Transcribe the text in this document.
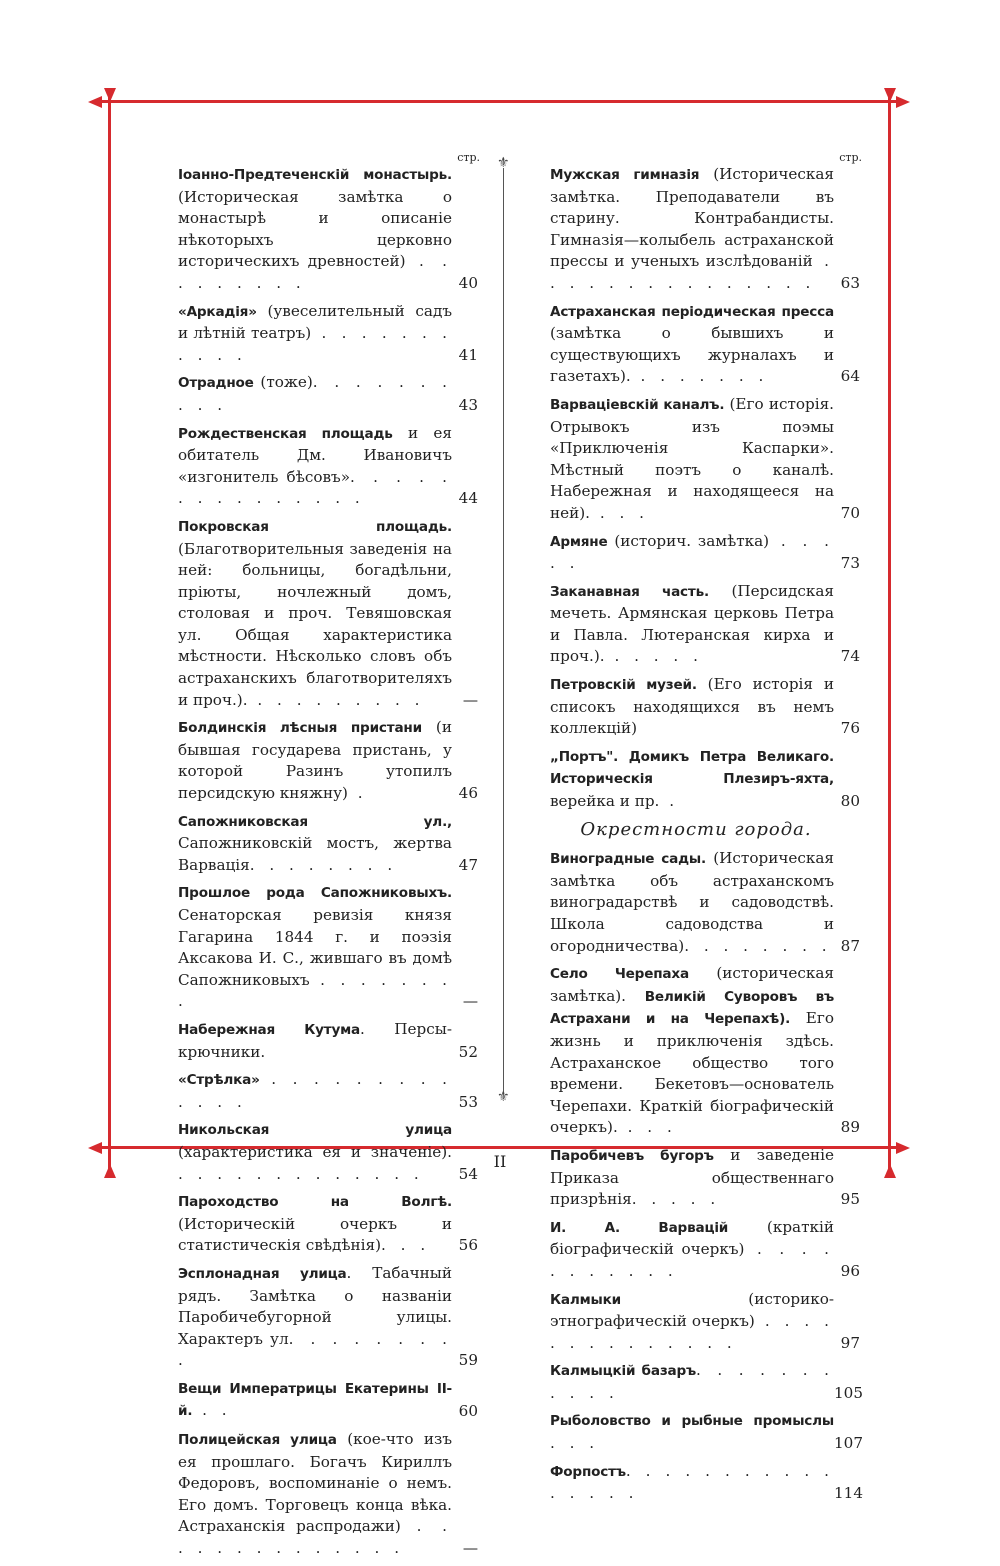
⚜
⚜
стр.
Іоанно-Предтеченскій монастырь. (Историческая замѣтка о монастырѣ и описаніе нѣкоторыхъ церковно историческихъ древностей) . . . . . . . . .	40
«Аркадія» (увеселительный садъ и лѣтній театръ) . . . . . . . . . . .	41
Отрадное (тоже). . . . . . . . . .	43
Рождественская площадь и ея обитатель Дм. Ивановичъ «изгонитель бѣсовъ». . . . . . . . . . . . . . .	44
Покровская площадь. (Благотворительныя заведенія на ней: больницы, богадѣльни, пріюты, ночлежный домъ, столовая и проч. Тевяшовская ул. Общая характеристика мѣстности. Нѣсколько словъ объ астраханскихъ благотворителяхъ и проч.). . . . . . . . . .	—
Болдинскія лѣсныя пристани (и бывшая государева пристань, у которой Разинъ утопилъ персидскую княжну) .	46
Сапожниковская ул., Сапожниковскій мостъ, жертва Варвація. . . . . . . .	47
Прошлое рода Сапожниковыхъ. Сенаторская ревизія князя Гагарина 1844 г. и поэзія Аксакова И. С., жившаго въ домѣ Сапожниковыхъ . . . . . . . .	—
Набережная Кутума. Персы-крючники.	52
«Стрѣлка» . . . . . . . . . . . . .	53
Никольская улица (характеристика ея и значеніе). . . . . . . . . . . . . .	54
Пароходство на Волгѣ. (Историческій очеркъ и статистическія свѣдѣнія). . .	56
Эсплонадная улица. Табачный рядъ. Замѣтка о названіи Паробичебугорной улицы. Характеръ ул. . . . . . . . .	59
Вещи Императрицы Екатерины II-й. . .	60
Полицейская улица (кое-что изъ ея прошлаго. Богачъ Кириллъ Федоровъ, воспоминаніе о немъ. Его домъ. Торговецъ конца вѣка. Астраханскія распродажи) . . . . . . . . . . . . . .	—
стр.
Мужская гимназія (Историческая замѣтка. Преподаватели въ старину. Контрабандисты. Гимназія—колыбель астраханской прессы и ученыхъ изслѣдованій . . . . . . . . . . . . . . .	63
Астраханская періодическая пресса (замѣтка о бывшихъ и существующихъ журналахъ и газетахъ). . . . . . . .	64
Варваціевскій каналъ. (Его исторія. Отрывокъ изъ поэмы «Приключенія Каспарки». Мѣстный поэтъ о каналѣ. Набережная и находящееся на ней). . . .	70
Армяне (историч. замѣтка) . . . . .	73
Заканавная часть. (Персидская мечеть. Армянская церковь Петра и Павла. Лютеранская кирха и проч.). . . . . .	74
Петровскій музей. (Его исторія и списокъ находящихся въ немъ коллекцій)	76
„Портъ". Домикъ Петра Великаго. Историческія Плезиръ-яхта, верейка и пр. .	80
Окрестности города.
Виноградные сады. (Историческая замѣтка объ астраханскомъ виноградарствѣ и садоводствѣ. Школа садоводства и огородничества). . . . . . . . 87
Село Черепаха (историческая замѣтка). Великій Суворовъ въ Астрахани и на Черепахѣ). Его жизнь и приключенія здѣсь. Астраханское общество того времени. Бекетовъ—основатель Черепахи. Краткій біографическій очеркъ). . . .	89
Паробичевъ бугоръ и заведеніе Приказа общественнаго призрѣнія. . . . .	95
И. А. Варвацій (краткій біографическій очеркъ) . . . . . . . . . . .	96
Калмыки (историко-этнографическій очеркъ) . . . . . . . . . . . . . .	97
Калмыцкій базаръ. . . . . . . . . . .	105
Рыболовство и рыбные промыслы . . .	107
Форпостъ. . . . . . . . . . . . . . . .	114
II
